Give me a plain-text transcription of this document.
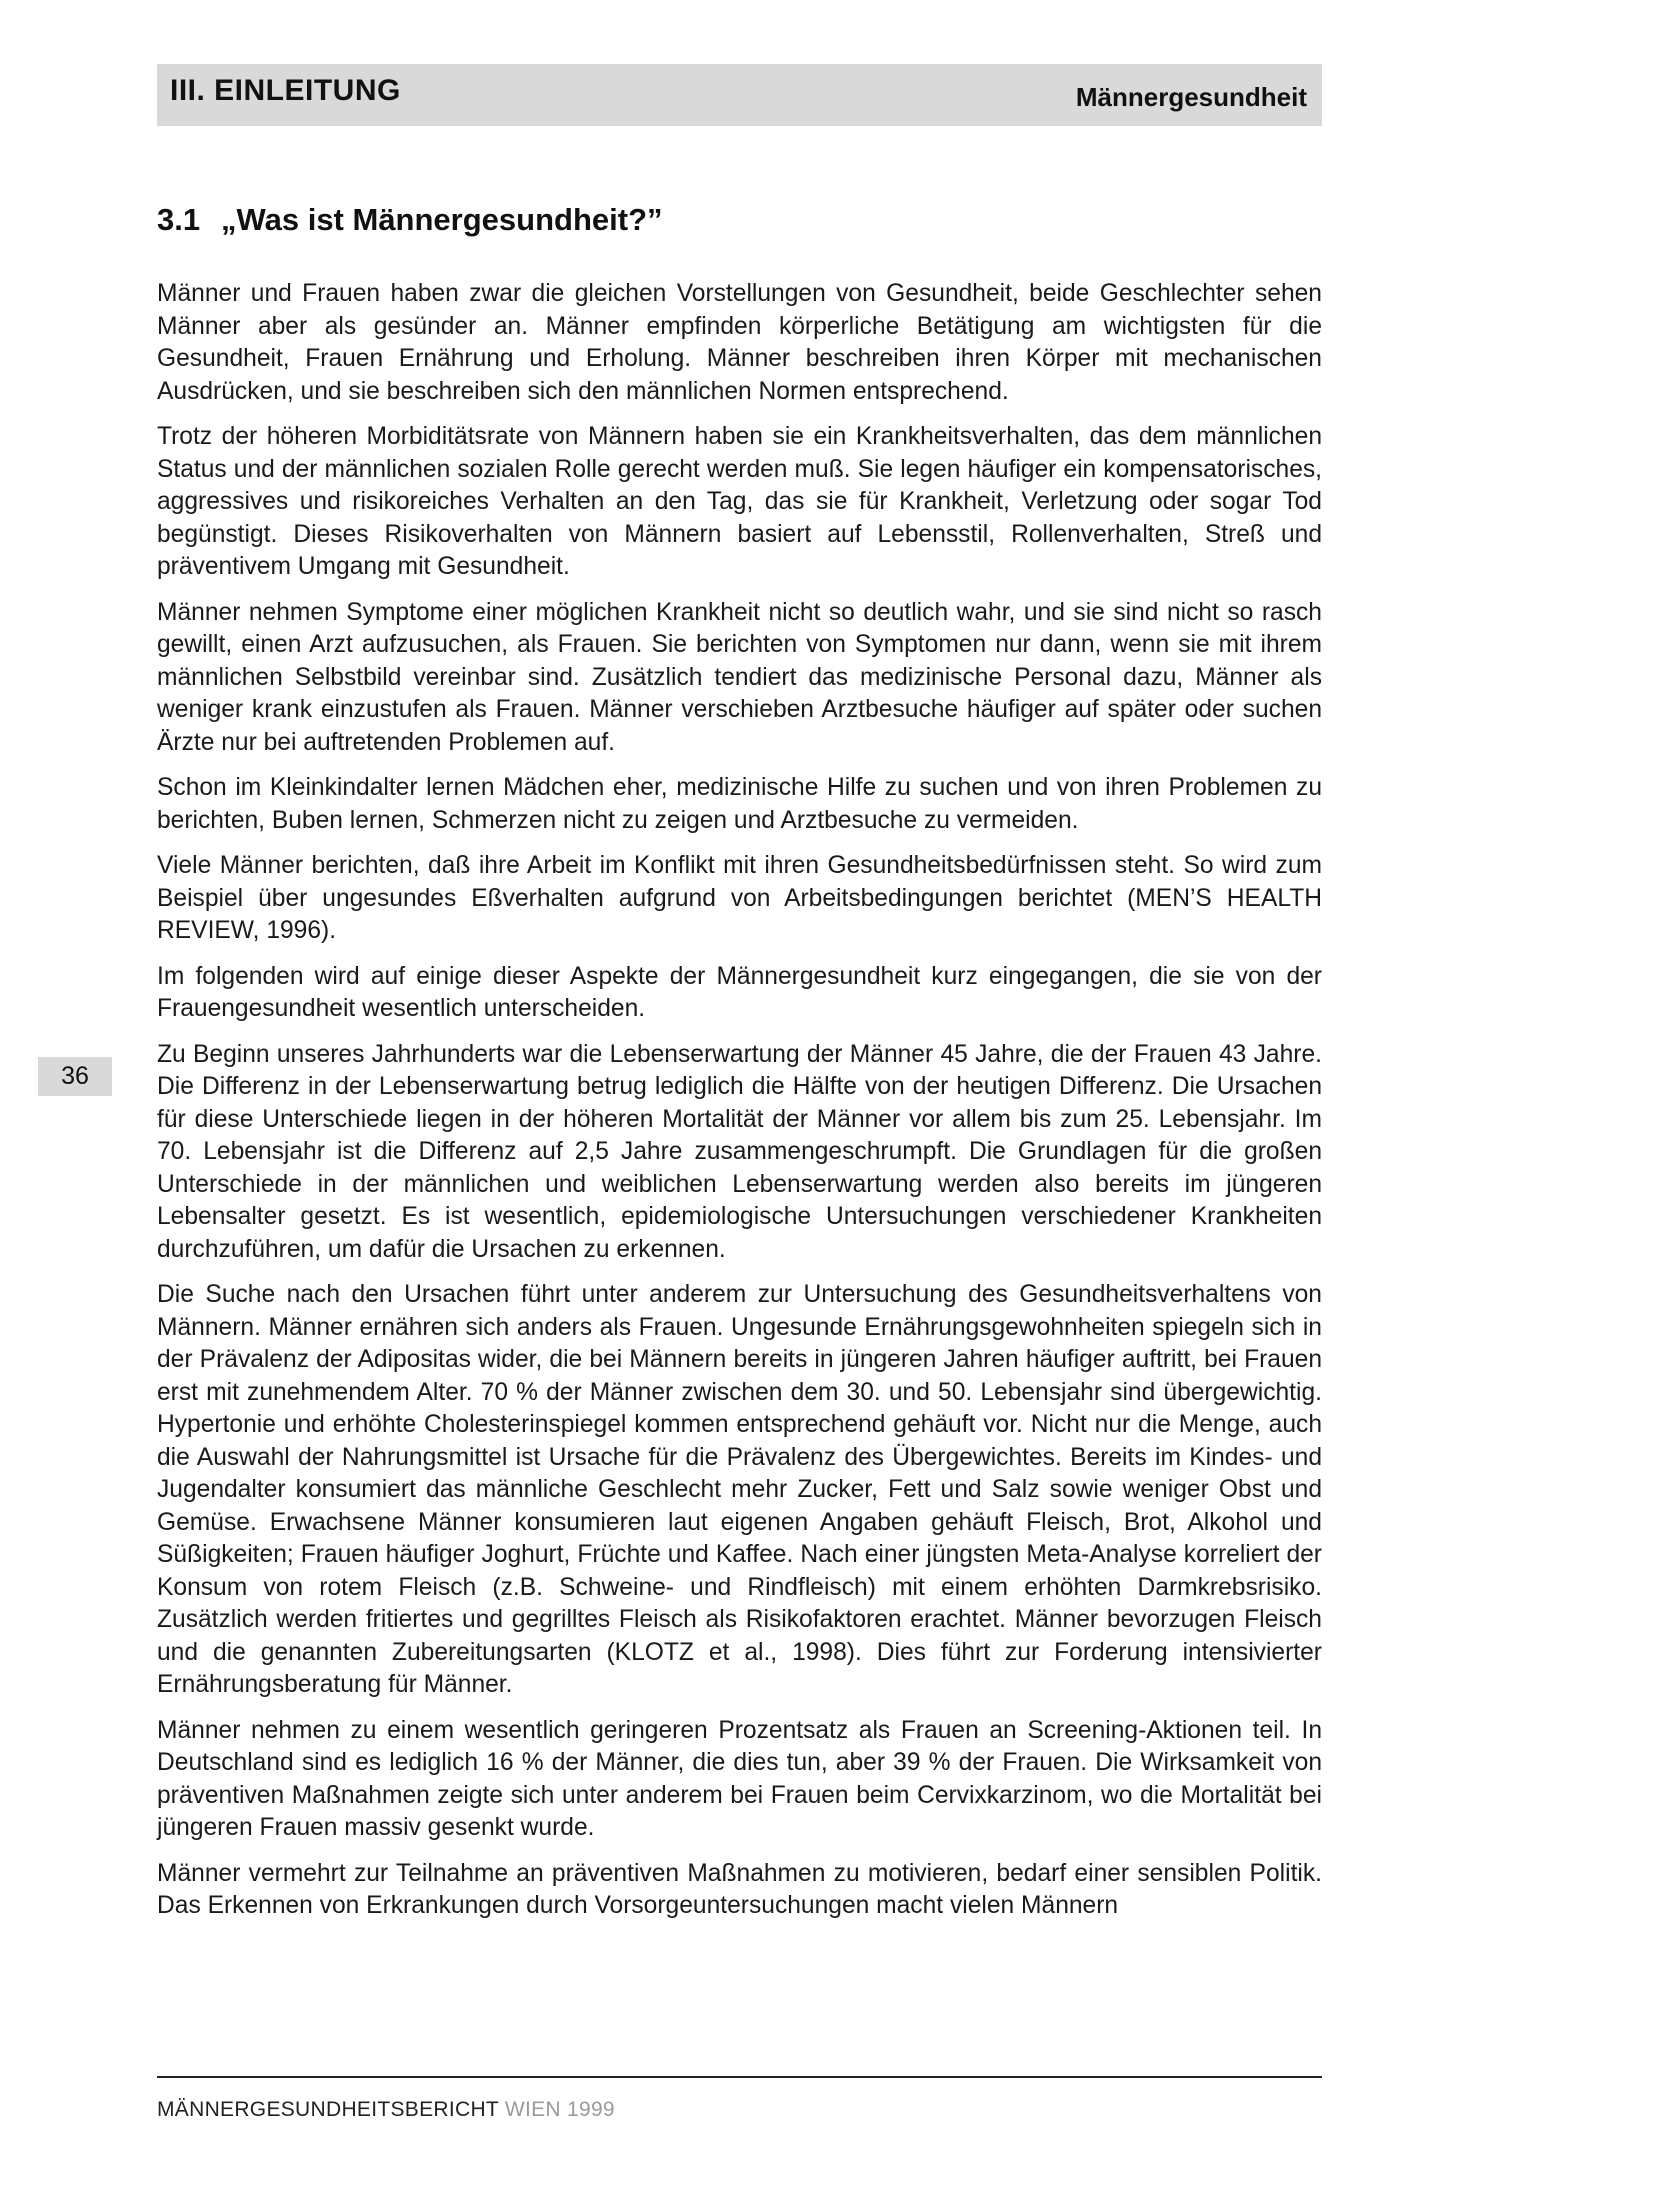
III. EINLEITUNG	Männergesundheit
3.1 „Was ist Männergesundheit?”

Männer und Frauen haben zwar die gleichen Vorstellungen von Gesundheit, beide Geschlechter sehen Männer aber als gesünder an. Männer empfinden körperliche Betätigung am wichtigsten für die Gesundheit, Frauen Ernährung und Erholung. Männer beschreiben ihren Körper mit mechanischen Ausdrücken, und sie beschreiben sich den männlichen Normen entsprechend.

Trotz der höheren Morbiditätsrate von Männern haben sie ein Krankheitsverhalten, das dem männlichen Status und der männlichen sozialen Rolle gerecht werden muß. Sie legen häufiger ein kompensatorisches, aggressives und risikoreiches Verhalten an den Tag, das sie für Krankheit, Verletzung oder sogar Tod begünstigt. Dieses Risikoverhalten von Männern basiert auf Lebensstil, Rollenverhalten, Streß und präventivem Umgang mit Gesundheit.

Männer nehmen Symptome einer möglichen Krankheit nicht so deutlich wahr, und sie sind nicht so rasch gewillt, einen Arzt aufzusuchen, als Frauen. Sie berichten von Symptomen nur dann, wenn sie mit ihrem männlichen Selbstbild vereinbar sind. Zusätzlich tendiert das medizinische Personal dazu, Männer als weniger krank einzustufen als Frauen. Männer verschieben Arztbesuche häufiger auf später oder suchen Ärzte nur bei auftretenden Problemen auf.

Schon im Kleinkindalter lernen Mädchen eher, medizinische Hilfe zu suchen und von ihren Problemen zu berichten, Buben lernen, Schmerzen nicht zu zeigen und Arztbesuche zu vermeiden.

Viele Männer berichten, daß ihre Arbeit im Konflikt mit ihren Gesundheitsbedürfnissen steht. So wird zum Beispiel über ungesundes Eßverhalten aufgrund von Arbeitsbedingungen berichtet (MEN’S HEALTH REVIEW, 1996).

Im folgenden wird auf einige dieser Aspekte der Männergesundheit kurz eingegangen, die sie von der Frauengesundheit wesentlich unterscheiden.

Zu Beginn unseres Jahrhunderts war die Lebenserwartung der Männer 45 Jahre, die der Frauen 43 Jahre. Die Differenz in der Lebenserwartung betrug lediglich die Hälfte von der heutigen Differenz. Die Ursachen für diese Unterschiede liegen in der höheren Mortalität der Männer vor allem bis zum 25. Lebensjahr. Im 70. Lebensjahr ist die Differenz auf 2,5 Jahre zusammengeschrumpft. Die Grundlagen für die großen Unterschiede in der männlichen und weiblichen Lebenserwartung werden also bereits im jüngeren Lebensalter gesetzt. Es ist wesentlich, epidemiologische Untersuchungen verschiedener Krankheiten durchzuführen, um dafür die Ursachen zu erkennen.

Die Suche nach den Ursachen führt unter anderem zur Untersuchung des Gesundheitsverhaltens von Männern. Männer ernähren sich anders als Frauen. Ungesunde Ernährungsgewohnheiten spiegeln sich in der Prävalenz der Adipositas wider, die bei Männern bereits in jüngeren Jahren häufiger auftritt, bei Frauen erst mit zunehmendem Alter. 70 % der Männer zwischen dem 30. und 50. Lebensjahr sind übergewichtig. Hypertonie und erhöhte Cholesterinspiegel kommen entsprechend gehäuft vor. Nicht nur die Menge, auch die Auswahl der Nahrungsmittel ist Ursache für die Prävalenz des Übergewichtes. Bereits im Kindes- und Jugendalter konsumiert das männliche Geschlecht mehr Zucker, Fett und Salz sowie weniger Obst und Gemüse. Erwachsene Männer konsumieren laut eigenen Angaben gehäuft Fleisch, Brot, Alkohol und Süßigkeiten; Frauen häufiger Joghurt, Früchte und Kaffee. Nach einer jüngsten Meta-Analyse korreliert der Konsum von rotem Fleisch (z.B. Schweine- und Rindfleisch) mit einem erhöhten Darmkrebsrisiko. Zusätzlich werden fritiertes und gegrilltes Fleisch als Risikofaktoren erachtet. Männer bevorzugen Fleisch und die genannten Zubereitungsarten (KLOTZ et al., 1998). Dies führt zur Forderung intensivierter Ernährungsberatung für Männer.

Männer nehmen zu einem wesentlich geringeren Prozentsatz als Frauen an Screening-Aktionen teil. In Deutschland sind es lediglich 16 % der Männer, die dies tun, aber 39 % der Frauen. Die Wirksamkeit von präventiven Maßnahmen zeigte sich unter anderem bei Frauen beim Cervixkarzinom, wo die Mortalität bei jüngeren Frauen massiv gesenkt wurde.

Männer vermehrt zur Teilnahme an präventiven Maßnahmen zu motivieren, bedarf einer sensiblen Politik. Das Erkennen von Erkrankungen durch Vorsorgeuntersuchungen macht vielen Männern

36
MÄNNERGESUNDHEITSBERICHT WIEN 1999
